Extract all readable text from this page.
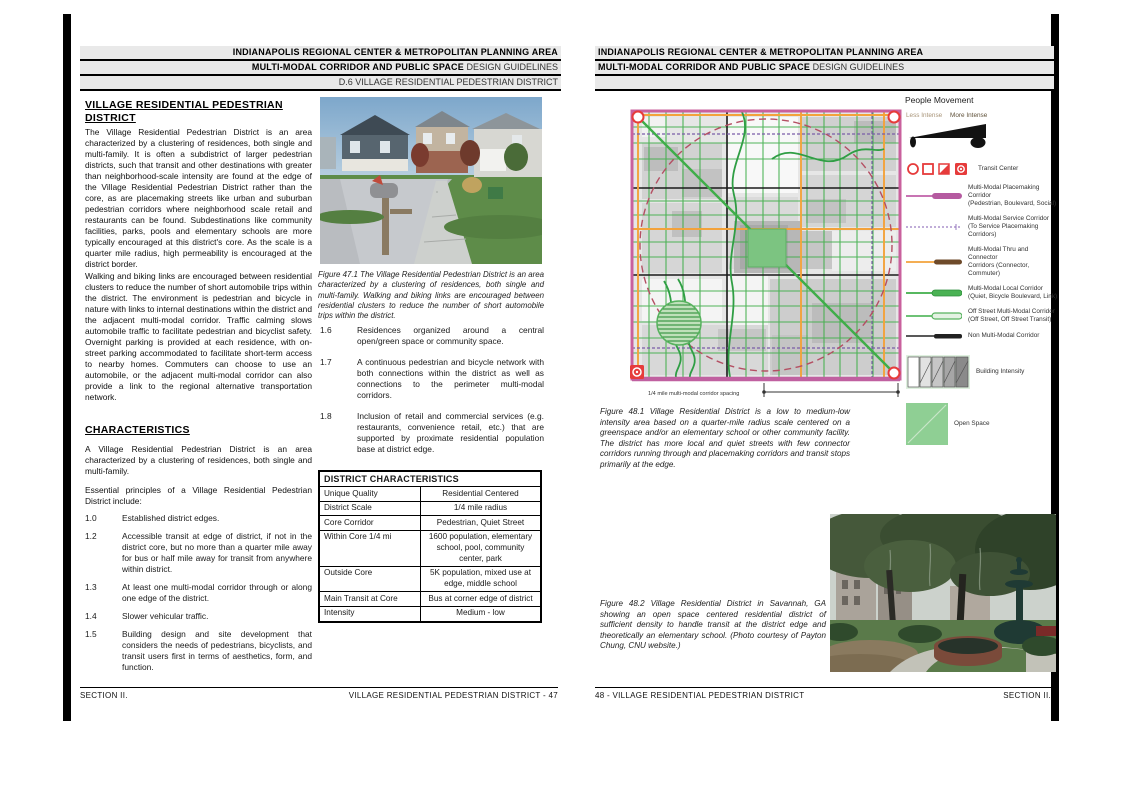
INDIANAPOLIS REGIONAL CENTER & METROPOLITAN PLANNING AREA
MULTI-MODAL CORRIDOR AND PUBLIC SPACE DESIGN GUIDELINES
D.6 VILLAGE RESIDENTIAL PEDESTRIAN DISTRICT
VILLAGE RESIDENTIAL PEDESTRIAN DISTRICT
The Village Residential Pedestrian District is an area characterized by a clustering of residences, both single and multi-family. It is often a subdistrict of larger pedestrian districts, such that transit and other destinations with greater than neighborhood-scale intensity are found at the edge of the Village Residential Pedestrian District rather than the core, as are placemaking streets like urban and suburban pedestrian corridors where neighborhood scale retail and restaurants can be found. Subdestinations like community facilities, parks, pools and elementary schools are more typically encouraged at this district's core. As the scale is a quarter mile radius, high permeability is encouraged at the district border.
Walking and biking links are encouraged between residential clusters to reduce the number of short automobile trips within the district. The environment is pedestrian and bicycle in nature with links to internal destinations within the district and the adjacent multi-modal corridor. Traffic calming slows automobile traffic to facilitate pedestrian and bicyclist safety. Overnight parking is provided at each residence, with on-street parking accommodated to facilitate short-term access to nearby homes. Commuters can choose to use an automobile, or the adjacent multi-modal corridor can also provide a link to the regional alternative transportation network.
CHARACTERISTICS
A Village Residential Pedestrian District is an area characterized by a clustering of residences, both single and multi-family.
Essential principles of a Village Residential Pedestrian District include:
1.0	Established district edges.
1.2	Accessible transit at edge of district, if not in the district core, but no more than a quarter mile away for bus or half mile away for transit from anywhere within district.
1.3	At least one multi-modal corridor through or along one edge of the district.
1.4	Slower vehicular traffic.
1.5	Building design and site development that considers the needs of pedestrians, bicyclists, and transit users first in terms of aesthetics, form, and function.
Figure 47.1 The Village Residential Pedestrian District is an area characterized by a clustering of residences, both single and multi-family. Walking and biking links are encouraged between residential clusters to reduce the number of short automobile trips within the district.
1.6	Residences organized around a central open/green space or community space.
1.7	A continuous pedestrian and bicycle network with both connections within the district as well as connections to the perimeter multi-modal corridors.
1.8	Inclusion of retail and commercial services (e.g. restaurants, convenience retail, etc.) that are supported by proximate residential population base at district edge.
DISTRICT CHARACTERISTICS	
Unique Quality	Residential Centered
District Scale	1/4 mile radius
Core Corridor	Pedestrian, Quiet Street
Within Core 1/4 mi	1600 population, elementary school, pool, community center, park
Outside Core	5K population, mixed use at edge, middle school
Main Transit at Core	Bus at corner edge of district
Intensity	Medium - low
SECTION II.	VILLAGE RESIDENTIAL PEDESTRIAN DISTRICT - 47
INDIANAPOLIS REGIONAL CENTER & METROPOLITAN PLANNING AREA
MULTI-MODAL CORRIDOR AND PUBLIC SPACE DESIGN GUIDELINES
People Movement
1/4 mile multi-modal corridor spacing
Less Intense	More Intense
Transit Center
Multi-Modal Placemaking Corridor
(Pedestrian, Boulevard, Social)
Multi-Modal Service Corridor
(To Service Placemaking Corridors)
Multi-Modal Thru and Connector
Corridors (Connector, Commuter)
Multi-Modal Local Corridor
(Quiet, Bicycle Boulevard, Link)
Off Street Multi-Modal Corridor
(Off Street, Off Street Transit)
Non Multi-Modal Corridor
Building Intensity
Open Space
Figure 48.1 Village Residential District is a low to medium-low intensity area based on a quarter-mile radius scale centered on a greenspace and/or an elementary school or other community facility. The district has more local and quiet streets with few connector corridors running through and placemaking corridors and transit stops primarily at the edge.
Figure 48.2 Village Residential District in Savannah, GA showing an open space centered residential district of sufficient density to handle transit at the district edge and theoretically an elementary school. (Photo courtesy of Payton Chung, CNU website.)
48 - VILLAGE RESIDENTIAL PEDESTRIAN DISTRICT	SECTION II.
